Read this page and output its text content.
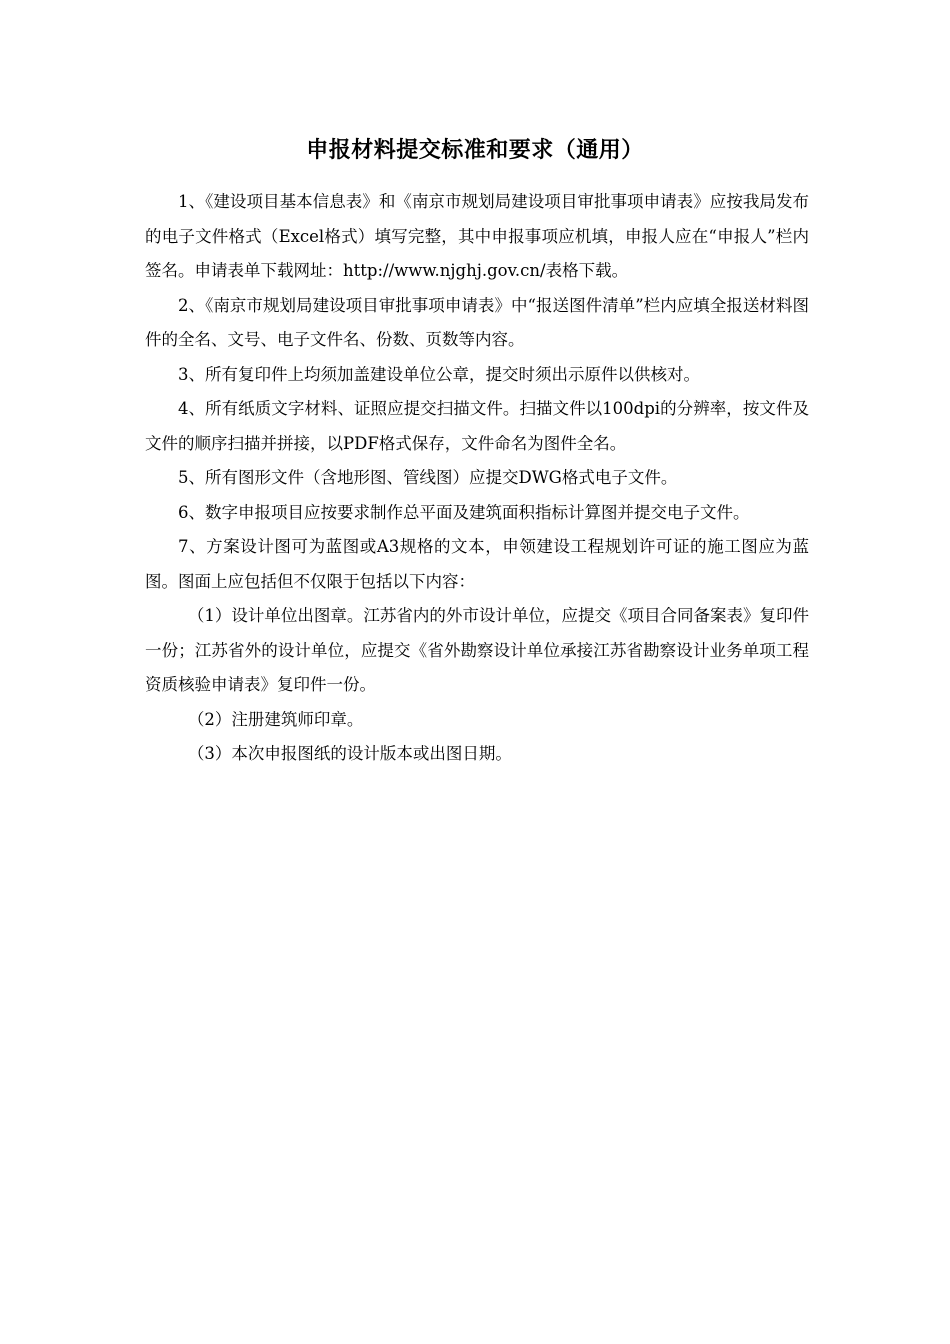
申报材料提交标准和要求（通用）

1、《建设项目基本信息表》和《南京市规划局建设项目审批事项申请表》应按我局发布的电子文件格式（Excel格式）填写完整，其中申报事项应机填，申报人应在“申报人”栏内签名。申请表单下载网址：http://www.njghj.gov.cn/表格下载。

2、《南京市规划局建设项目审批事项申请表》中“报送图件清单”栏内应填全报送材料图件的全名、文号、电子文件名、份数、页数等内容。

3、所有复印件上均须加盖建设单位公章，提交时须出示原件以供核对。

4、所有纸质文字材料、证照应提交扫描文件。扫描文件以100dpi的分辨率，按文件及文件的顺序扫描并拼接，以PDF格式保存，文件命名为图件全名。

5、所有图形文件（含地形图、管线图）应提交DWG格式电子文件。

6、数字申报项目应按要求制作总平面及建筑面积指标计算图并提交电子文件。

7、方案设计图可为蓝图或A3规格的文本，申领建设工程规划许可证的施工图应为蓝图。图面上应包括但不仅限于包括以下内容：

（1）设计单位出图章。江苏省内的外市设计单位，应提交《项目合同备案表》复印件一份；江苏省外的设计单位，应提交《省外勘察设计单位承接江苏省勘察设计业务单项工程资质核验申请表》复印件一份。

（2）注册建筑师印章。

（3）本次申报图纸的设计版本或出图日期。
